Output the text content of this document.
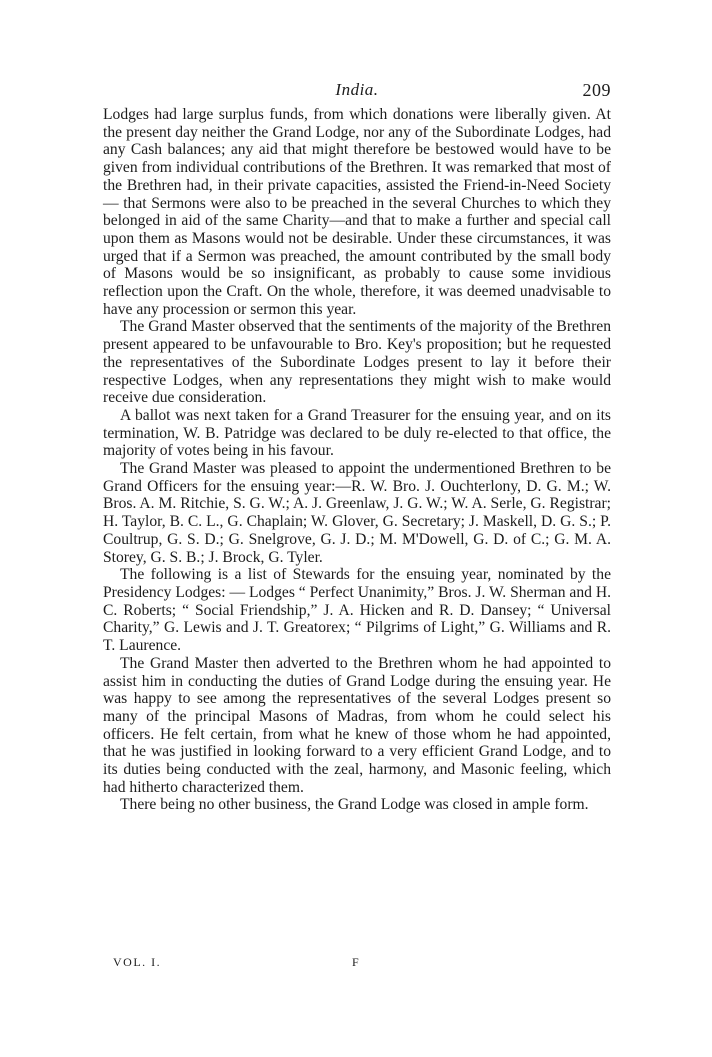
India.	209

Lodges had large surplus funds, from which donations were liberally given. At the present day neither the Grand Lodge, nor any of the Subordinate Lodges, had any Cash balances; any aid that might therefore be bestowed would have to be given from individual contributions of the Brethren. It was remarked that most of the Brethren had, in their private capacities, assisted the Friend-in-Need Society — that Sermons were also to be preached in the several Churches to which they belonged in aid of the same Charity—and that to make a further and special call upon them as Masons would not be desirable. Under these circumstances, it was urged that if a Sermon was preached, the amount contributed by the small body of Masons would be so insignificant, as probably to cause some invidious reflection upon the Craft. On the whole, therefore, it was deemed unadvisable to have any procession or sermon this year.

The Grand Master observed that the sentiments of the majority of the Brethren present appeared to be unfavourable to Bro. Key's proposition; but he requested the representatives of the Subordinate Lodges present to lay it before their respective Lodges, when any representations they might wish to make would receive due consideration.

A ballot was next taken for a Grand Treasurer for the ensuing year, and on its termination, W. B. Patridge was declared to be duly re-elected to that office, the majority of votes being in his favour.

The Grand Master was pleased to appoint the undermentioned Brethren to be Grand Officers for the ensuing year:—R. W. Bro. J. Ouchterlony, D. G. M.; W. Bros. A. M. Ritchie, S. G. W.; A. J. Greenlaw, J. G. W.; W. A. Serle, G. Registrar; H. Taylor, B. C. L., G. Chaplain; W. Glover, G. Secretary; J. Maskell, D. G. S.; P. Coultrup, G. S. D.; G. Snelgrove, G. J. D.; M. M'Dowell, G. D. of C.; G. M. A. Storey, G. S. B.; J. Brock, G. Tyler.

The following is a list of Stewards for the ensuing year, nominated by the Presidency Lodges: — Lodges “ Perfect Unanimity,” Bros. J. W. Sherman and H. C. Roberts; “ Social Friendship,” J. A. Hicken and R. D. Dansey; “ Universal Charity,” G. Lewis and J. T. Greatorex; “ Pilgrims of Light,” G. Williams and R. T. Laurence.

The Grand Master then adverted to the Brethren whom he had appointed to assist him in conducting the duties of Grand Lodge during the ensuing year. He was happy to see among the representatives of the several Lodges present so many of the principal Masons of Madras, from whom he could select his officers. He felt certain, from what he knew of those whom he had appointed, that he was justified in looking forward to a very efficient Grand Lodge, and to its duties being conducted with the zeal, harmony, and Masonic feeling, which had hitherto characterized them.

There being no other business, the Grand Lodge was closed in ample form.

VOL. I.	F
